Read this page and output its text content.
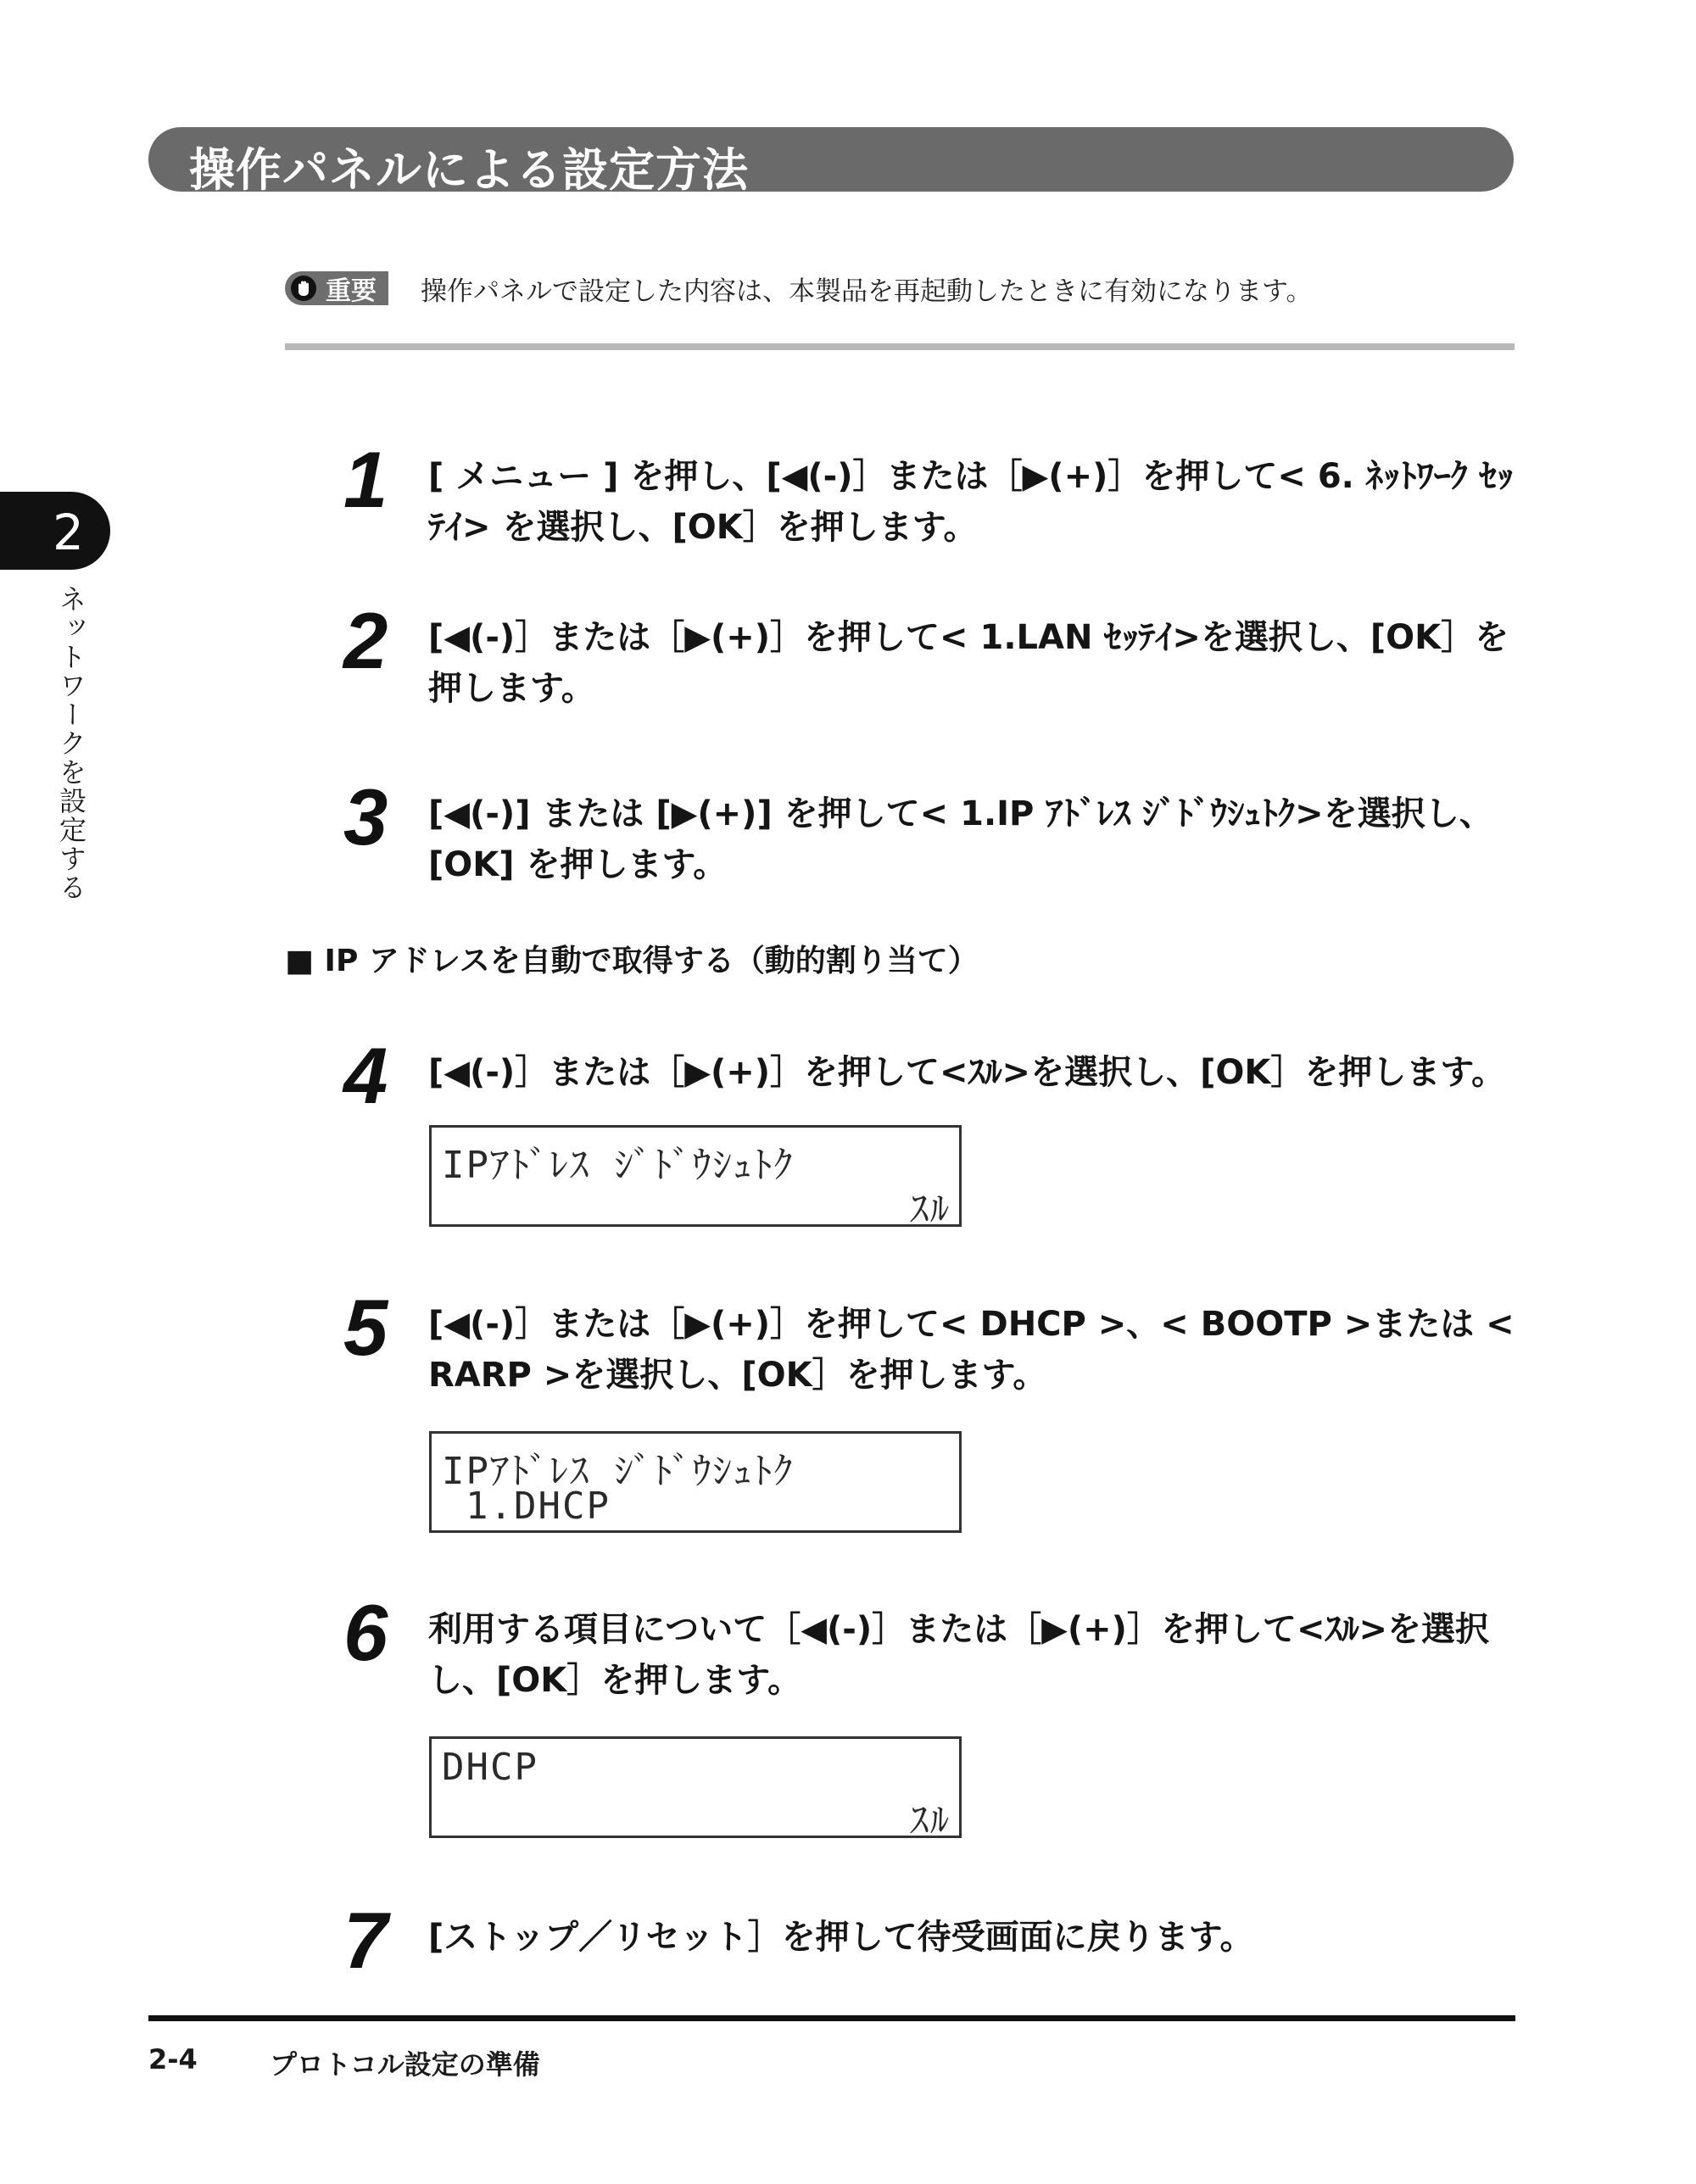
操作パネルによる設定方法
重要 操作パネルで設定した内容は、本製品を再起動したときに有効になります。
2
ネットワークを設定する
1 [ メニュー ] を押し、[◀(-)］または［▶(+)］を押して< 6. ﾈｯﾄﾜｰｸ ｾｯﾃｲ> を選択し、[OK］を押します。
2 [◀(-)］または［▶(+)］を押して< 1.LAN ｾｯﾃｲ>を選択し、[OK］を押します。
3 [◀(-)] または [▶(+)] を押して< 1.IP ｱﾄﾞﾚｽ ｼﾞﾄﾞｳｼｭﾄｸ>を選択し、[OK] を押します。
■ IP アドレスを自動で取得する（動的割り当て）
4 [◀(-)］または［▶(+)］を押して<ｽﾙ>を選択し、[OK］を押します。
IPｱﾄﾞﾚｽ ｼﾞﾄﾞｳｼｭﾄｸ
ｽﾙ
5 [◀(-)］または［▶(+)］を押して< DHCP >、< BOOTP >または < RARP >を選択し、[OK］を押します。
IPｱﾄﾞﾚｽ ｼﾞﾄﾞｳｼｭﾄｸ
1.DHCP
6 利用する項目について［◀(-)］または［▶(+)］を押して<ｽﾙ>を選択し、[OK］を押します。
DHCP
ｽﾙ
7 [ストップ／リセット］を押して待受画面に戻ります。
2-4	プロトコル設定の準備
